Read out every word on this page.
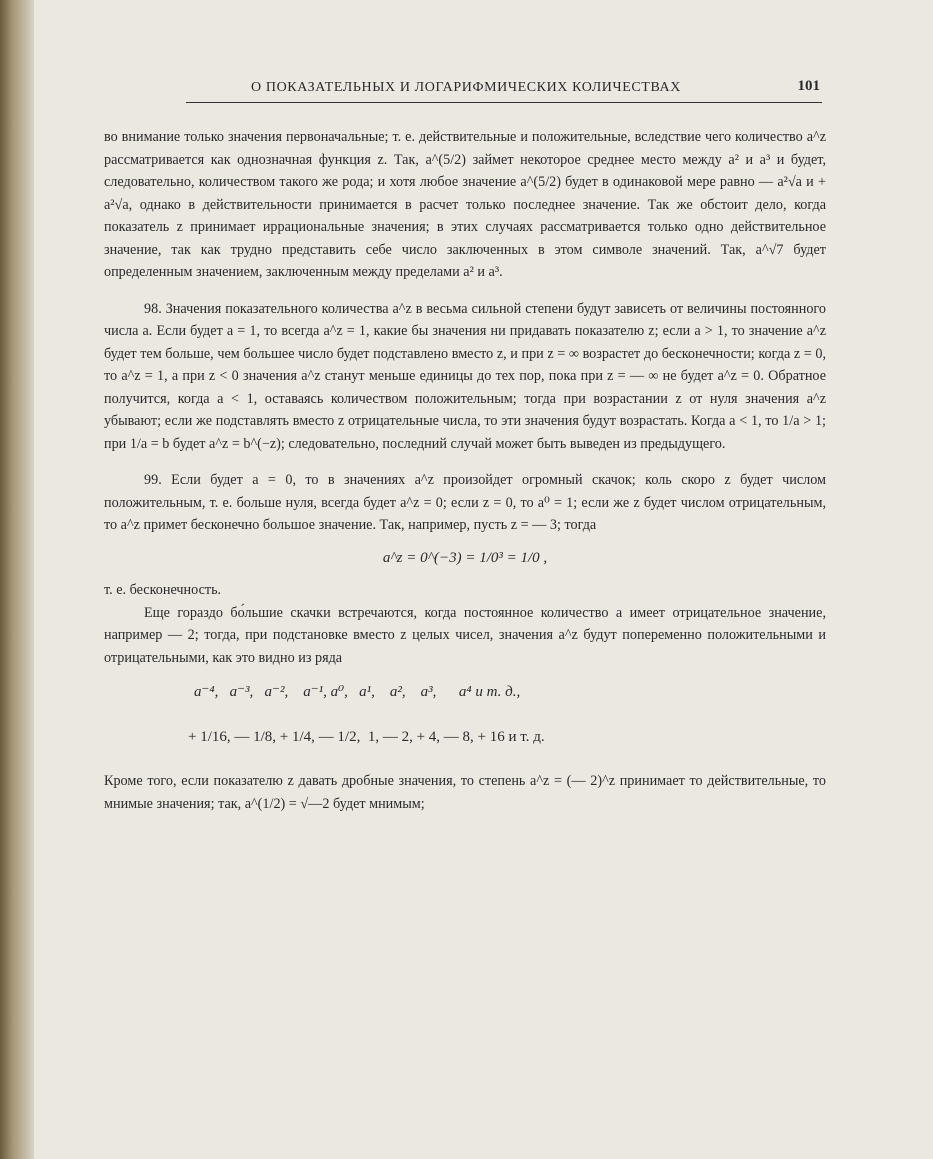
О ПОКАЗАТЕЛЬНЫХ И ЛОГАРИФМИЧЕСКИХ КОЛИЧЕСТВАХ	101

во внимание только значения первоначальные; т. е. действительные и положительные, вследствие чего количество a^z рассматривается как однозначная функция z. Так, a^(5/2) займет некоторое среднее место между a² и a³ и будет, следовательно, количеством такого же рода; и хотя любое значение a^(5/2) будет в одинаковой мере равно — a²√a и + a²√a, однако в действительности принимается в расчет только последнее значение. Так же обстоит дело, когда показатель z принимает иррациональные значения; в этих случаях рассматривается только одно действительное значение, так как трудно представить себе число заключенных в этом символе значений. Так, a^√7 будет определенным значением, заключенным между пределами a² и a³.

98. Значения показательного количества a^z в весьма сильной степени будут зависеть от величины постоянного числа a. Если будет a = 1, то всегда a^z = 1, какие бы значения ни придавать показателю z; если a > 1, то значение a^z будет тем больше, чем большее число будет подставлено вместо z, и при z = ∞ возрастет до бесконечности; когда z = 0, то a^z = 1, а при z < 0 значения a^z станут меньше единицы до тех пор, пока при z = — ∞ не будет a^z = 0. Обратное получится, когда a < 1, оставаясь количеством положительным; тогда при возрастании z от нуля значения a^z убывают; если же подставлять вместо z отрицательные числа, то эти значения будут возрастать. Когда a < 1, то 1/a > 1; при 1/a = b будет a^z = b^(−z); следовательно, последний случай может быть выведен из предыдущего.

99. Если будет a = 0, то в значениях a^z произойдет огромный скачок; коль скоро z будет числом положительным, т. е. больше нуля, всегда будет a^z = 0; если z = 0, то a⁰ = 1; если же z будет числом отрицательным, то a^z примет бесконечно большое значение. Так, например, пусть z = — 3; тогда

a^z = 0^(−3) = 1/0³ = 1/0 ,

т. е. бесконечность.

Еще гораздо бо́льшие скачки встречаются, когда постоянное количество a имеет отрицательное значение, например — 2; тогда, при подстановке вместо z целых чисел, значения a^z будут попеременно положительными и отрицательными, как это видно из ряда

a⁻⁴,   a⁻³,   a⁻²,    a⁻¹, a⁰,   a¹,    a²,    a³,      a⁴ и т. д.,
+ 1/16, — 1/8, + 1/4, — 1/2,  1, — 2, + 4, — 8, + 16 и т. д.

Кроме того, если показателю z давать дробные значения, то степень a^z = (— 2)^z принимает то действительные, то мнимые значения; так, a^(1/2) = √—2 будет мнимым;
